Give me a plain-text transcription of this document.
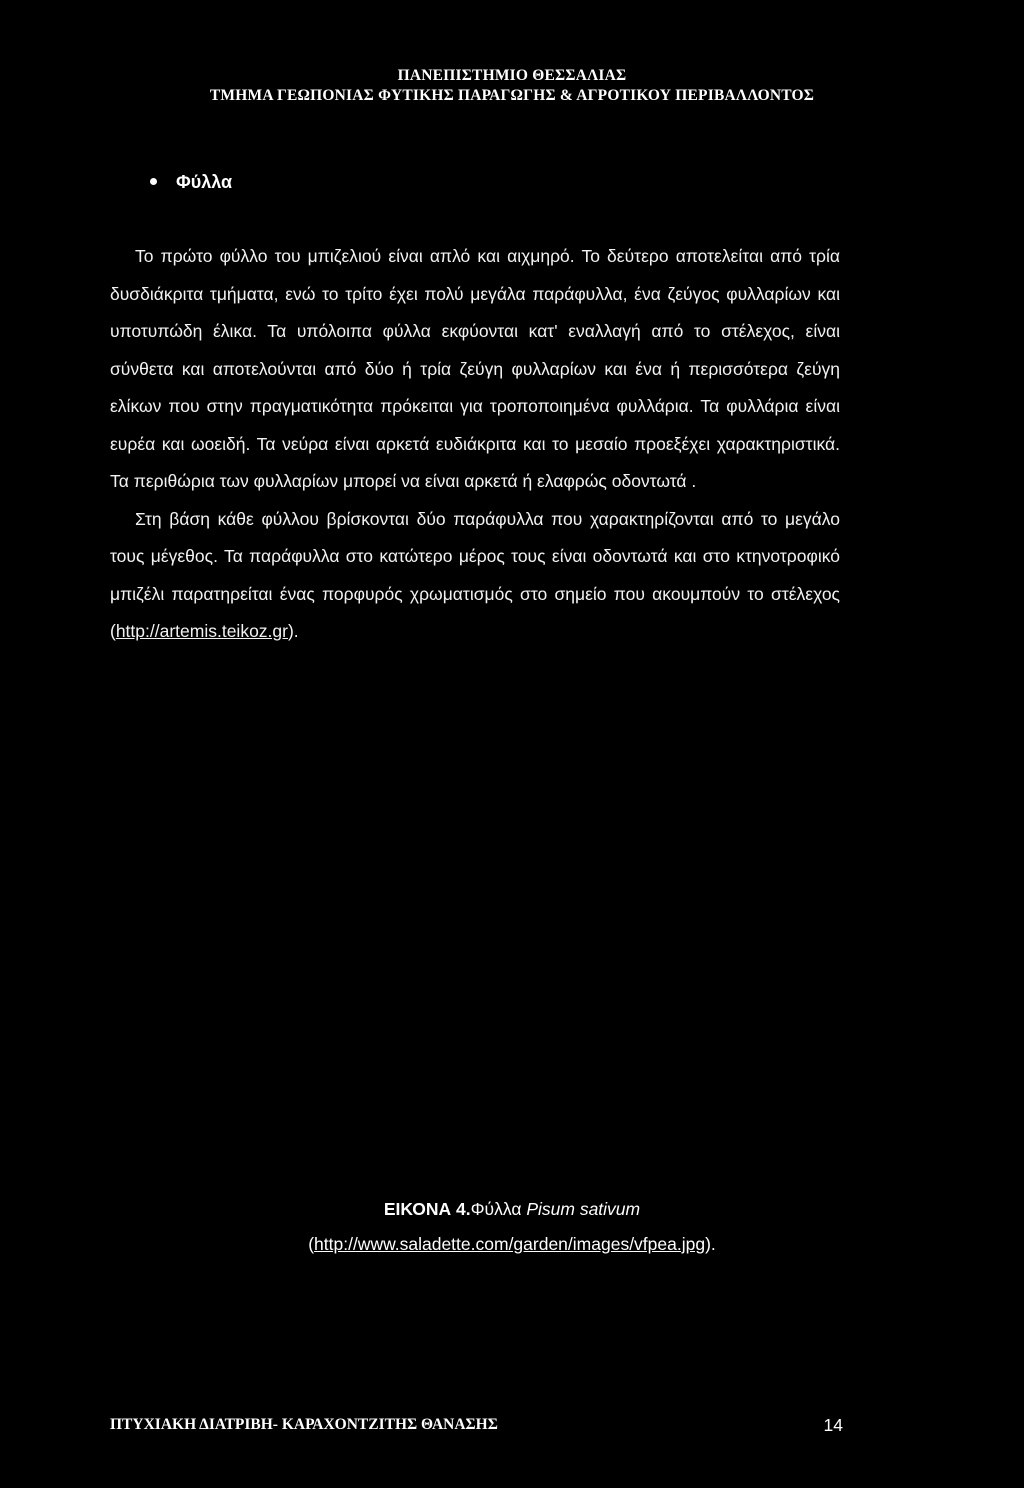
ΠΑΝΕΠΙΣΤΗΜΙΟ ΘΕΣΣΑΛΙΑΣ
ΤΜΗΜΑ ΓΕΩΠΟΝΙΑΣ ΦΥΤΙΚΗΣ ΠΑΡΑΓΩΓΗΣ & ΑΓΡΟΤΙΚΟΥ ΠΕΡΙΒΑΛΛΟΝΤΟΣ
Φύλλα

Το πρώτο φύλλο του μπιζελιού είναι απλό και αιχμηρό. Το δεύτερο αποτελείται από τρία δυσδιάκριτα τμήματα, ενώ το τρίτο έχει πολύ μεγάλα παράφυλλα, ένα ζεύγος φυλλαρίων και υποτυπώδη έλικα. Τα υπόλοιπα φύλλα εκφύονται κατ' εναλλαγή από το στέλεχος, είναι σύνθετα και αποτελούνται από δύο ή τρία ζεύγη φυλλαρίων και ένα ή περισσότερα ζεύγη ελίκων που στην πραγματικότητα πρόκειται για τροποποιημένα φυλλάρια. Τα φυλλάρια είναι ευρέα και ωοειδή. Τα νεύρα είναι αρκετά ευδιάκριτα και το μεσαίο προεξέχει χαρακτηριστικά. Τα περιθώρια των φυλλαρίων μπορεί να είναι αρκετά ή ελαφρώς οδοντωτά .

Στη βάση κάθε φύλλου βρίσκονται δύο παράφυλλα που χαρακτηρίζονται από το μεγάλο τους μέγεθος. Τα παράφυλλα στο κατώτερο μέρος τους είναι οδοντωτά και στο κτηνοτροφικό μπιζέλι παρατηρείται ένας πορφυρός χρωματισμός στο σημείο που ακουμπούν το στέλεχος (http://artemis.teikoz.gr).

ΕΙΚΟΝΑ 4.Φύλλα Pisum sativum
(http://www.saladette.com/garden/images/vfpea.jpg).
ΠΤΥΧΙΑΚΗ ΔΙΑΤΡΙΒΗ- ΚΑΡΑΧΟΝΤΖΙΤΗΣ ΘΑΝΑΣΗΣ	14
